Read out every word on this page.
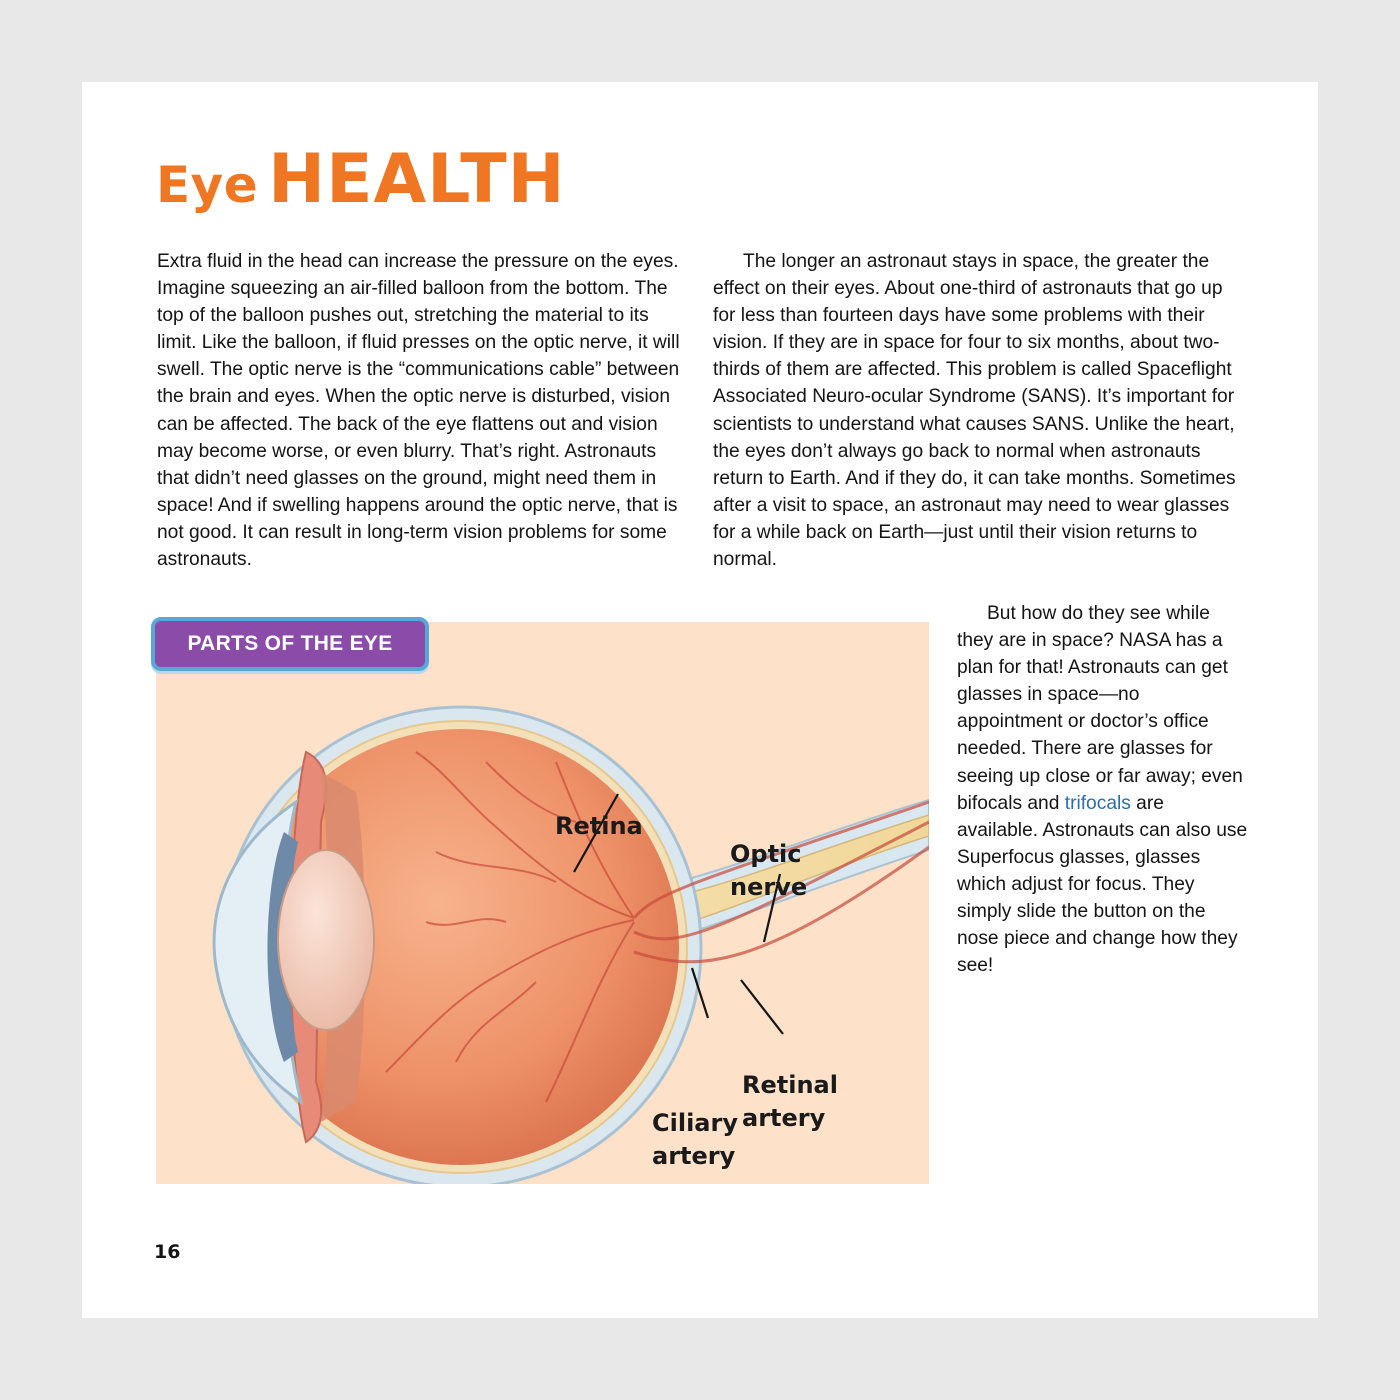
Eye HEALTH

Extra fluid in the head can increase the pressure on the eyes. Imagine squeezing an air-filled balloon from the bottom. The top of the balloon pushes out, stretching the material to its limit. Like the balloon, if fluid presses on the optic nerve, it will swell. The optic nerve is the “communications cable” between the brain and eyes. When the optic nerve is disturbed, vision can be affected. The back of the eye flattens out and vision may become worse, or even blurry. That’s right. Astronauts that didn’t need glasses on the ground, might need them in space! And if swelling happens around the optic nerve, that is not good. It can result in long-term vision problems for some astronauts.

The longer an astronaut stays in space, the greater the effect on their eyes. About one-third of astronauts that go up for less than fourteen days have some problems with their vision. If they are in space for four to six months, about two-thirds of them are affected. This problem is called Spaceflight Associated Neuro-ocular Syndrome (SANS). It’s important for scientists to understand what causes SANS. Unlike the heart, the eyes don’t always go back to normal when astronauts return to Earth. And if they do, it can take months. Sometimes after a visit to space, an astronaut may need to wear glasses for a while back on Earth—just until their vision returns to normal.

But how do they see while they are in space? NASA has a plan for that! Astronauts can get glasses in space—no appointment or doctor’s office needed. There are glasses for seeing up close or far away; even bifocals and trifocals are available. Astronauts can also use Superfocus glasses, glasses which adjust for focus. They simply slide the button on the nose piece and change how they see!

Retina
Optic
nerve
Retinal
artery
Ciliary
artery
PARTS OF THE EYE
16
